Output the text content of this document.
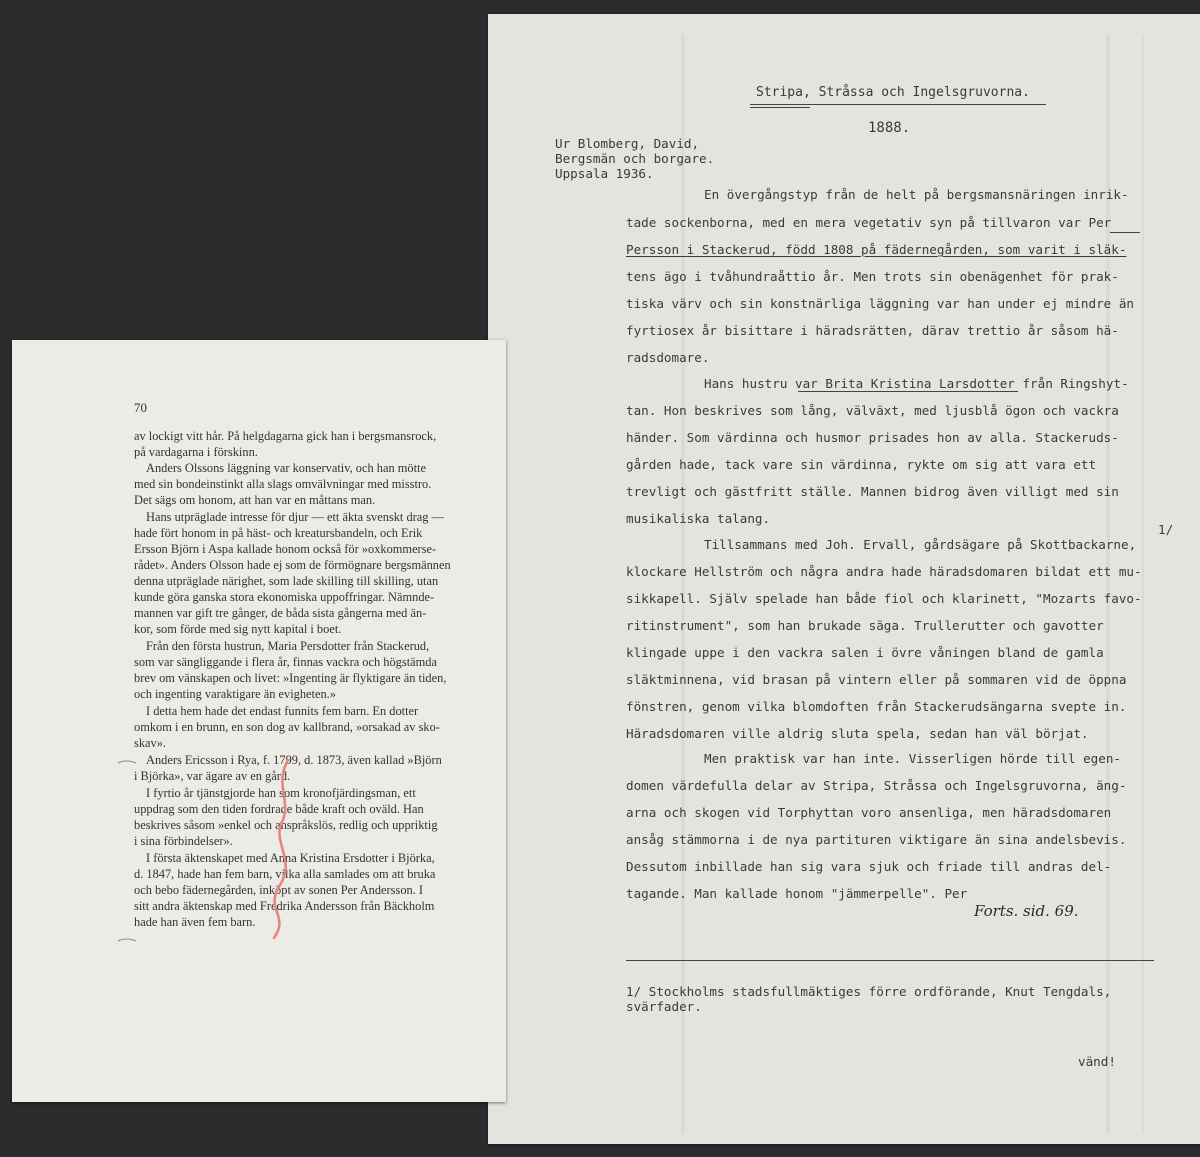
Stripa, Stråssa och Ingelsgruvorna.
1888.
Ur Blomberg, David,
Bergsmän och borgare.
Uppsala 1936.
En övergångstyp från de helt på bergsmansnäringen inrik-
tade sockenborna, med en mera vegetativ syn på tillvaron var Per
Persson i Stackerud, född 1808 på fädernegården, som varit i släk-
tens ägo i tvåhundraåttio år. Men trots sin obenägenhet för prak-
tiska värv och sin konstnärliga läggning var han under ej mindre än
fyrtiosex år bisittare i häradsrätten, därav trettio år såsom hä-
radsdomare.
Hans hustru var Brita Kristina Larsdotter från Ringshyt-
tan. Hon beskrives som lång, välväxt, med ljusblå ögon och vackra
händer. Som värdinna och husmor prisades hon av alla. Stackeruds-
gården hade, tack vare sin värdinna, rykte om sig att vara ett
trevligt och gästfritt ställe. Mannen bidrog även villigt med sin
musikaliska talang.
Tillsammans med Joh. Ervall, gårdsägare på Skottbackarne,
klockare Hellström och några andra hade häradsdomaren bildat ett mu-
sikkapell. Själv spelade han både fiol och klarinett, "Mozarts favo-
ritinstrument", som han brukade säga. Trullerutter och gavotter
klingade uppe i den vackra salen i övre våningen bland de gamla
släktminnena, vid brasan på vintern eller på sommaren vid de öppna
fönstren, genom vilka blomdoften från Stackerudsängarna svepte in.
Häradsdomaren ville aldrig sluta spela, sedan han väl börjat.
Men praktisk var han inte. Visserligen hörde till egen-
domen värdefulla delar av Stripa, Stråssa och Ingelsgruvorna, äng-
arna och skogen vid Torphyttan voro ansenliga, men häradsdomaren
ansåg stämmorna i de nya partituren viktigare än sina andelsbevis.
Dessutom inbillade han sig vara sjuk och friade till andras del-
tagande. Man kallade honom "jämmerpelle". Per
1/
Forts. sid. 69.
1/ Stockholms stadsfullmäktiges förre ordförande, Knut Tengdals,
svärfader.
vänd!
70
av lockigt vitt hår. På helgdagarna gick han i bergsmansrock,
på vardagarna i förskinn.
Anders Olssons läggning var konservativ, och han mötte
med sin bondeinstinkt alla slags omvälvningar med misstro.
Det sägs om honom, att han var en måttans man.
Hans utpräglade intresse för djur — ett äkta svenskt drag —
hade fört honom in på häst- och kreatursbandeln, och Erik
Ersson Björn i Aspa kallade honom också för »oxkommerse-
rådet». Anders Olsson hade ej som de förmögnare bergsmännen
denna utpräglade närighet, som lade skilling till skilling, utan
kunde göra ganska stora ekonomiska uppoffringar. Nämnde-
mannen var gift tre gånger, de båda sista gångerna med än-
kor, som förde med sig nytt kapital i boet.
Från den första hustrun, Maria Persdotter från Stackerud,
som var sängliggande i flera år, finnas vackra och högstämda
brev om vänskapen och livet: »Ingenting är flyktigare än tiden,
och ingenting varaktigare än evigheten.»
I detta hem hade det endast funnits fem barn. En dotter
omkom i en brunn, en son dog av kallbrand, »orsakad av sko-
skav».
Anders Ericsson i Rya, f. 1799, d. 1873, även kallad »Björn
i Björka», var ägare av en gård.
I fyrtio år tjänstgjorde han som kronofjärdingsman, ett
uppdrag som den tiden fordrade både kraft och oväld. Han
beskrives såsom »enkel och anspråkslös, redlig och uppriktig
i sina förbindelser».
I första äktenskapet med Anna Kristina Ersdotter i Björka,
d. 1847, hade han fem barn, vilka alla samlades om att bruka
och bebo fädernegården, inköpt av sonen Per Andersson. I
sitt andra äktenskap med Fredrika Andersson från Bäckholm
hade han även fem barn.
